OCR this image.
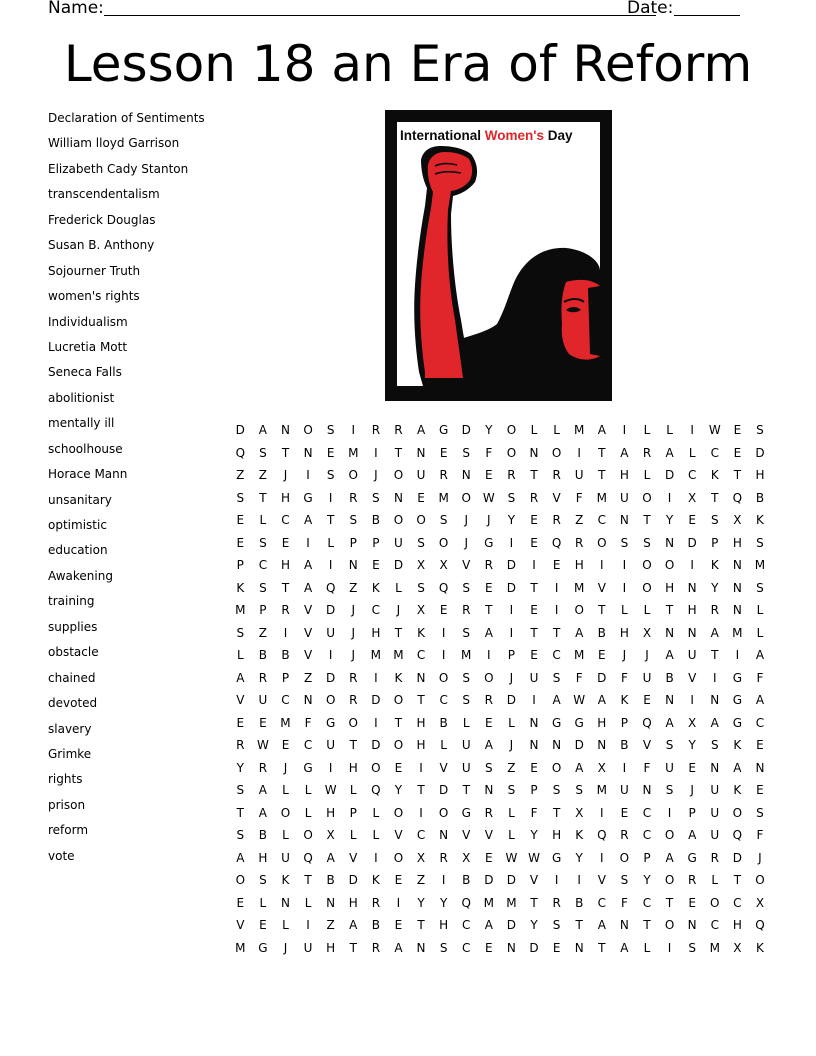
Name:	Date:
Lesson 18 an Era of Reform
Declaration of Sentiments
William lloyd Garrison
Elizabeth Cady Stanton
transcendentalism
Frederick Douglas
Susan B. Anthony
Sojourner Truth
women's rights
Individualism
Lucretia Mott
Seneca Falls
abolitionist
mentally ill
schoolhouse
Horace Mann
unsanitary
optimistic
education
Awakening
training
supplies
obstacle
chained
devoted
slavery
Grimke
rights
prison
reform
vote
International Women's Day
D	A	N	O	S	I	R	R	A	G	D	Y	O	L	L	M	A	I	L	L	I	W	E	S
Q	S	T	N	E	M	I	T	N	E	S	F	O	N	O	I	T	A	R	A	L	C	E	D
Z	Z	J	I	S	O	J	O	U	R	N	E	R	T	R	U	T	H	L	D	C	K	T	H
S	T	H	G	I	R	S	N	E	M	O	W	S	R	V	F	M	U	O	I	X	T	Q	B
E	L	C	A	T	S	B	O	O	S	J	J	Y	E	R	Z	C	N	T	Y	E	S	X	K
E	S	E	I	L	P	P	U	S	O	J	G	I	E	Q	R	O	S	S	N	D	P	H	S
P	C	H	A	I	N	E	D	X	X	V	R	D	I	E	H	I	I	O	O	I	K	N	M
K	S	T	A	Q	Z	K	L	S	Q	S	E	D	T	I	M	V	I	O	H	N	Y	N	S
M	P	R	V	D	J	C	J	X	E	R	T	I	E	I	O	T	L	L	T	H	R	N	L
S	Z	I	V	U	J	H	T	K	I	S	A	I	T	T	A	B	H	X	N	N	A	M	L
L	B	B	V	I	J	M	M	C	I	M	I	P	E	C	M	E	J	J	A	U	T	I	A
A	R	P	Z	D	R	I	K	N	O	S	O	J	U	S	F	D	F	U	B	V	I	G	F
V	U	C	N	O	R	D	O	T	C	S	R	D	I	A	W	A	K	E	N	I	N	G	A
E	E	M	F	G	O	I	T	H	B	L	E	L	N	G	G	H	P	Q	A	X	A	G	C
R	W	E	C	U	T	D	O	H	L	U	A	J	N	N	D	N	B	V	S	Y	S	K	E
Y	R	J	G	I	H	O	E	I	V	U	S	Z	E	O	A	X	I	F	U	E	N	A	N
S	A	L	L	W	L	Q	Y	T	D	T	N	S	P	S	S	M	U	N	S	J	U	K	E
T	A	O	L	H	P	L	O	I	O	G	R	L	F	T	X	I	E	C	I	P	U	O	S
S	B	L	O	X	L	L	V	C	N	V	V	L	Y	H	K	Q	R	C	O	A	U	Q	F
A	H	U	Q	A	V	I	O	X	R	X	E	W	W	G	Y	I	O	P	A	G	R	D	J
O	S	K	T	B	D	K	E	Z	I	B	D	D	V	I	I	V	S	Y	O	R	L	T	O
E	L	N	L	N	H	R	I	Y	Y	Q	M	M	T	R	B	C	F	C	T	E	O	C	X
V	E	L	I	Z	A	B	E	T	H	C	A	D	Y	S	T	A	N	T	O	N	C	H	Q
M	G	J	U	H	T	R	A	N	S	C	E	N	D	E	N	T	A	L	I	S	M	X	K
